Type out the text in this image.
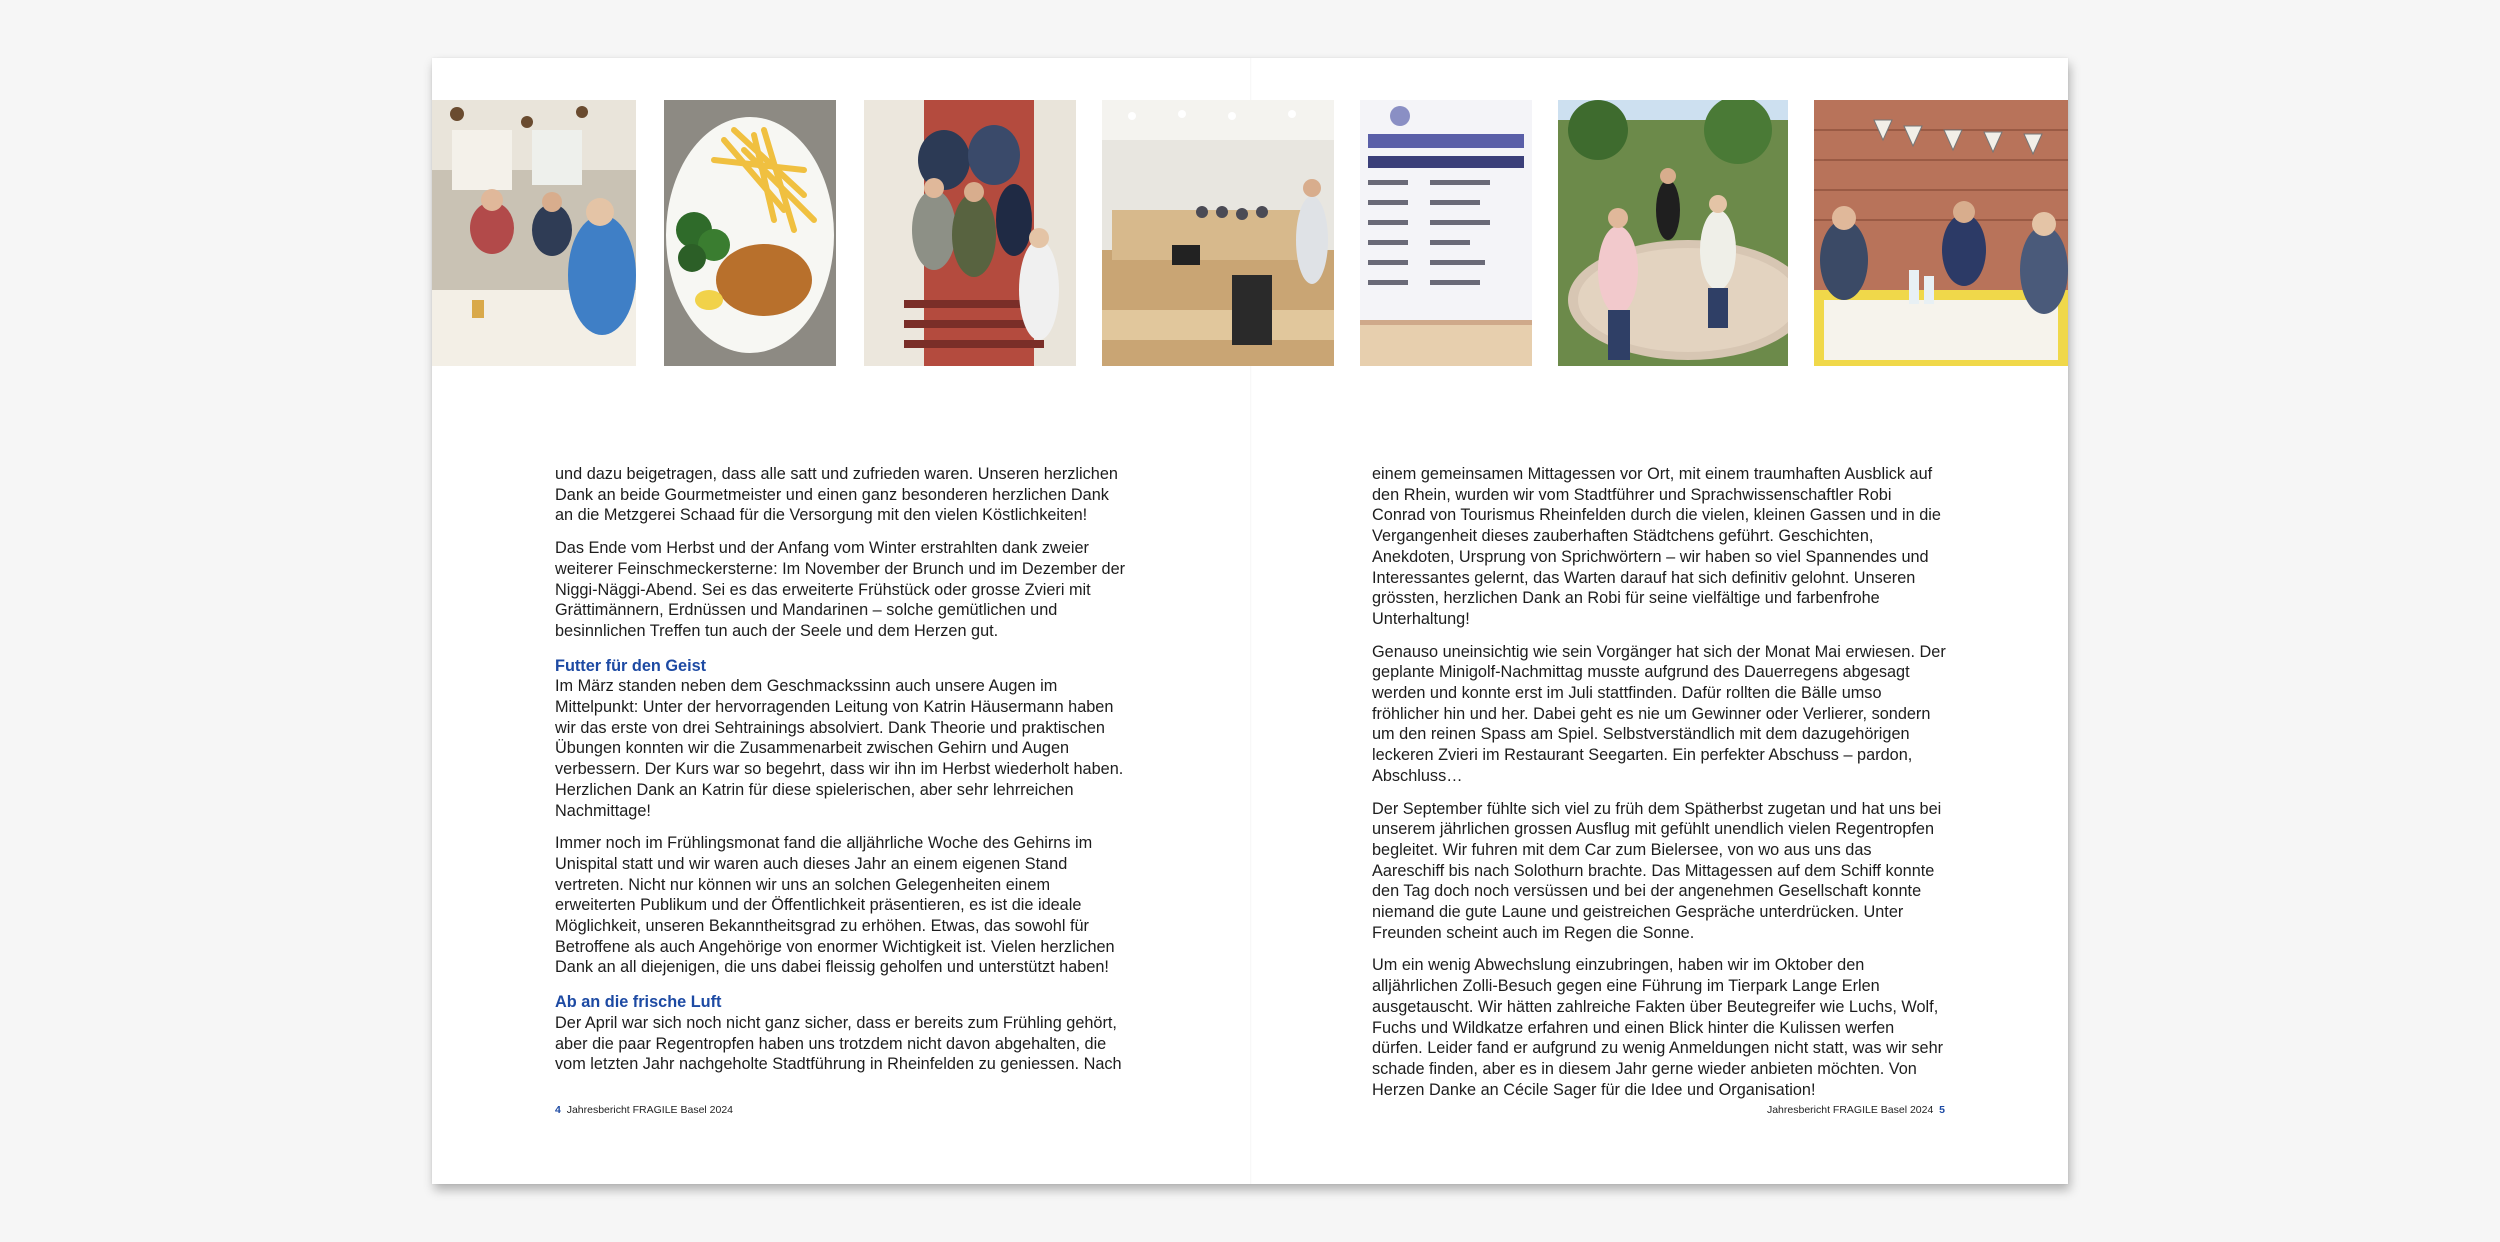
und dazu beigetragen, dass alle satt und zufrieden waren. Unseren herzlichen Dank an beide Gourmetmeister und einen ganz besonderen herzlichen Dank an die Metzgerei Schaad für die Versorgung mit den vielen Köstlichkeiten!

Das Ende vom Herbst und der Anfang vom Winter erstrahlten dank zweier weiterer Feinschmeckersterne: Im November der Brunch und im Dezember der Niggi-Näggi-Abend. Sei es das erweiterte Frühstück oder grosse Zvieri mit Grättimännern, Erdnüssen und Mandarinen – solche gemütlichen und besinnlichen Treffen tun auch der Seele und dem Herzen gut.

Futter für den Geist

Im März standen neben dem Geschmackssinn auch unsere Augen im Mittelpunkt: Unter der hervorragenden Leitung von Katrin Häusermann haben wir das erste von drei Sehtrainings absolviert. Dank Theorie und praktischen Übungen konnten wir die Zusammenarbeit zwischen Gehirn und Augen verbessern. Der Kurs war so begehrt, dass wir ihn im Herbst wiederholt haben. Herzlichen Dank an Katrin für diese spielerischen, aber sehr lehrreichen Nachmittage!

Immer noch im Frühlingsmonat fand die alljährliche Woche des Gehirns im Unispital statt und wir waren auch dieses Jahr an einem eigenen Stand vertreten. Nicht nur können wir uns an solchen Gelegenheiten einem erweiterten Publikum und der Öffentlichkeit präsentieren, es ist die ideale Möglichkeit, unseren Bekanntheitsgrad zu erhöhen. Etwas, das sowohl für Betroffene als auch Angehörige von enormer Wichtigkeit ist. Vielen herzlichen Dank an all diejenigen, die uns dabei fleissig geholfen und unterstützt haben!

Ab an die frische Luft

Der April war sich noch nicht ganz sicher, dass er bereits zum Frühling gehört, aber die paar Regentropfen haben uns trotzdem nicht davon abgehalten, die vom letzten Jahr nachgeholte Stadtführung in Rheinfelden zu geniessen. Nach

einem gemeinsamen Mittagessen vor Ort, mit einem traumhaften Ausblick auf den Rhein, wurden wir vom Stadtführer und Sprachwissenschaftler Robi Conrad von Tourismus Rheinfelden durch die vielen, kleinen Gassen und in die Vergangenheit dieses zauberhaften Städtchens geführt. Geschichten, Anekdoten, Ursprung von Sprichwörtern – wir haben so viel Spannendes und Interessantes gelernt, das Warten darauf hat sich definitiv gelohnt. Unseren grössten, herzlichen Dank an Robi für seine vielfältige und farbenfrohe Unterhaltung!

Genauso uneinsichtig wie sein Vorgänger hat sich der Monat Mai erwiesen. Der geplante Minigolf-Nachmittag musste aufgrund des Dauerregens abgesagt werden und konnte erst im Juli stattfinden. Dafür rollten die Bälle umso fröhlicher hin und her. Dabei geht es nie um Gewinner oder Verlierer, sondern um den reinen Spass am Spiel. Selbstverständlich mit dem dazugehörigen leckeren Zvieri im Restaurant Seegarten. Ein perfekter Abschuss – pardon, Abschluss…

Der September fühlte sich viel zu früh dem Spätherbst zugetan und hat uns bei unserem jährlichen grossen Ausflug mit gefühlt unendlich vielen Regentropfen begleitet. Wir fuhren mit dem Car zum Bielersee, von wo aus uns das Aareschiff bis nach Solothurn brachte. Das Mittagessen auf dem Schiff konnte den Tag doch noch versüssen und bei der angenehmen Gesellschaft konnte niemand die gute Laune und geistreichen Gespräche unterdrücken. Unter Freunden scheint auch im Regen die Sonne.

Um ein wenig Abwechslung einzubringen, haben wir im Oktober den alljährlichen Zolli-Besuch gegen eine Führung im Tierpark Lange Erlen ausgetauscht. Wir hätten zahlreiche Fakten über Beutegreifer wie Luchs, Wolf, Fuchs und Wildkatze erfahren und einen Blick hinter die Kulissen werfen dürfen. Leider fand er aufgrund zu wenig Anmeldungen nicht statt, was wir sehr schade finden, aber es in diesem Jahr gerne wieder anbieten möchten. Von Herzen Danke an Cécile Sager für die Idee und Organisation!

4 Jahresbericht FRAGILE Basel 2024	Jahresbericht FRAGILE Basel 2024 5
